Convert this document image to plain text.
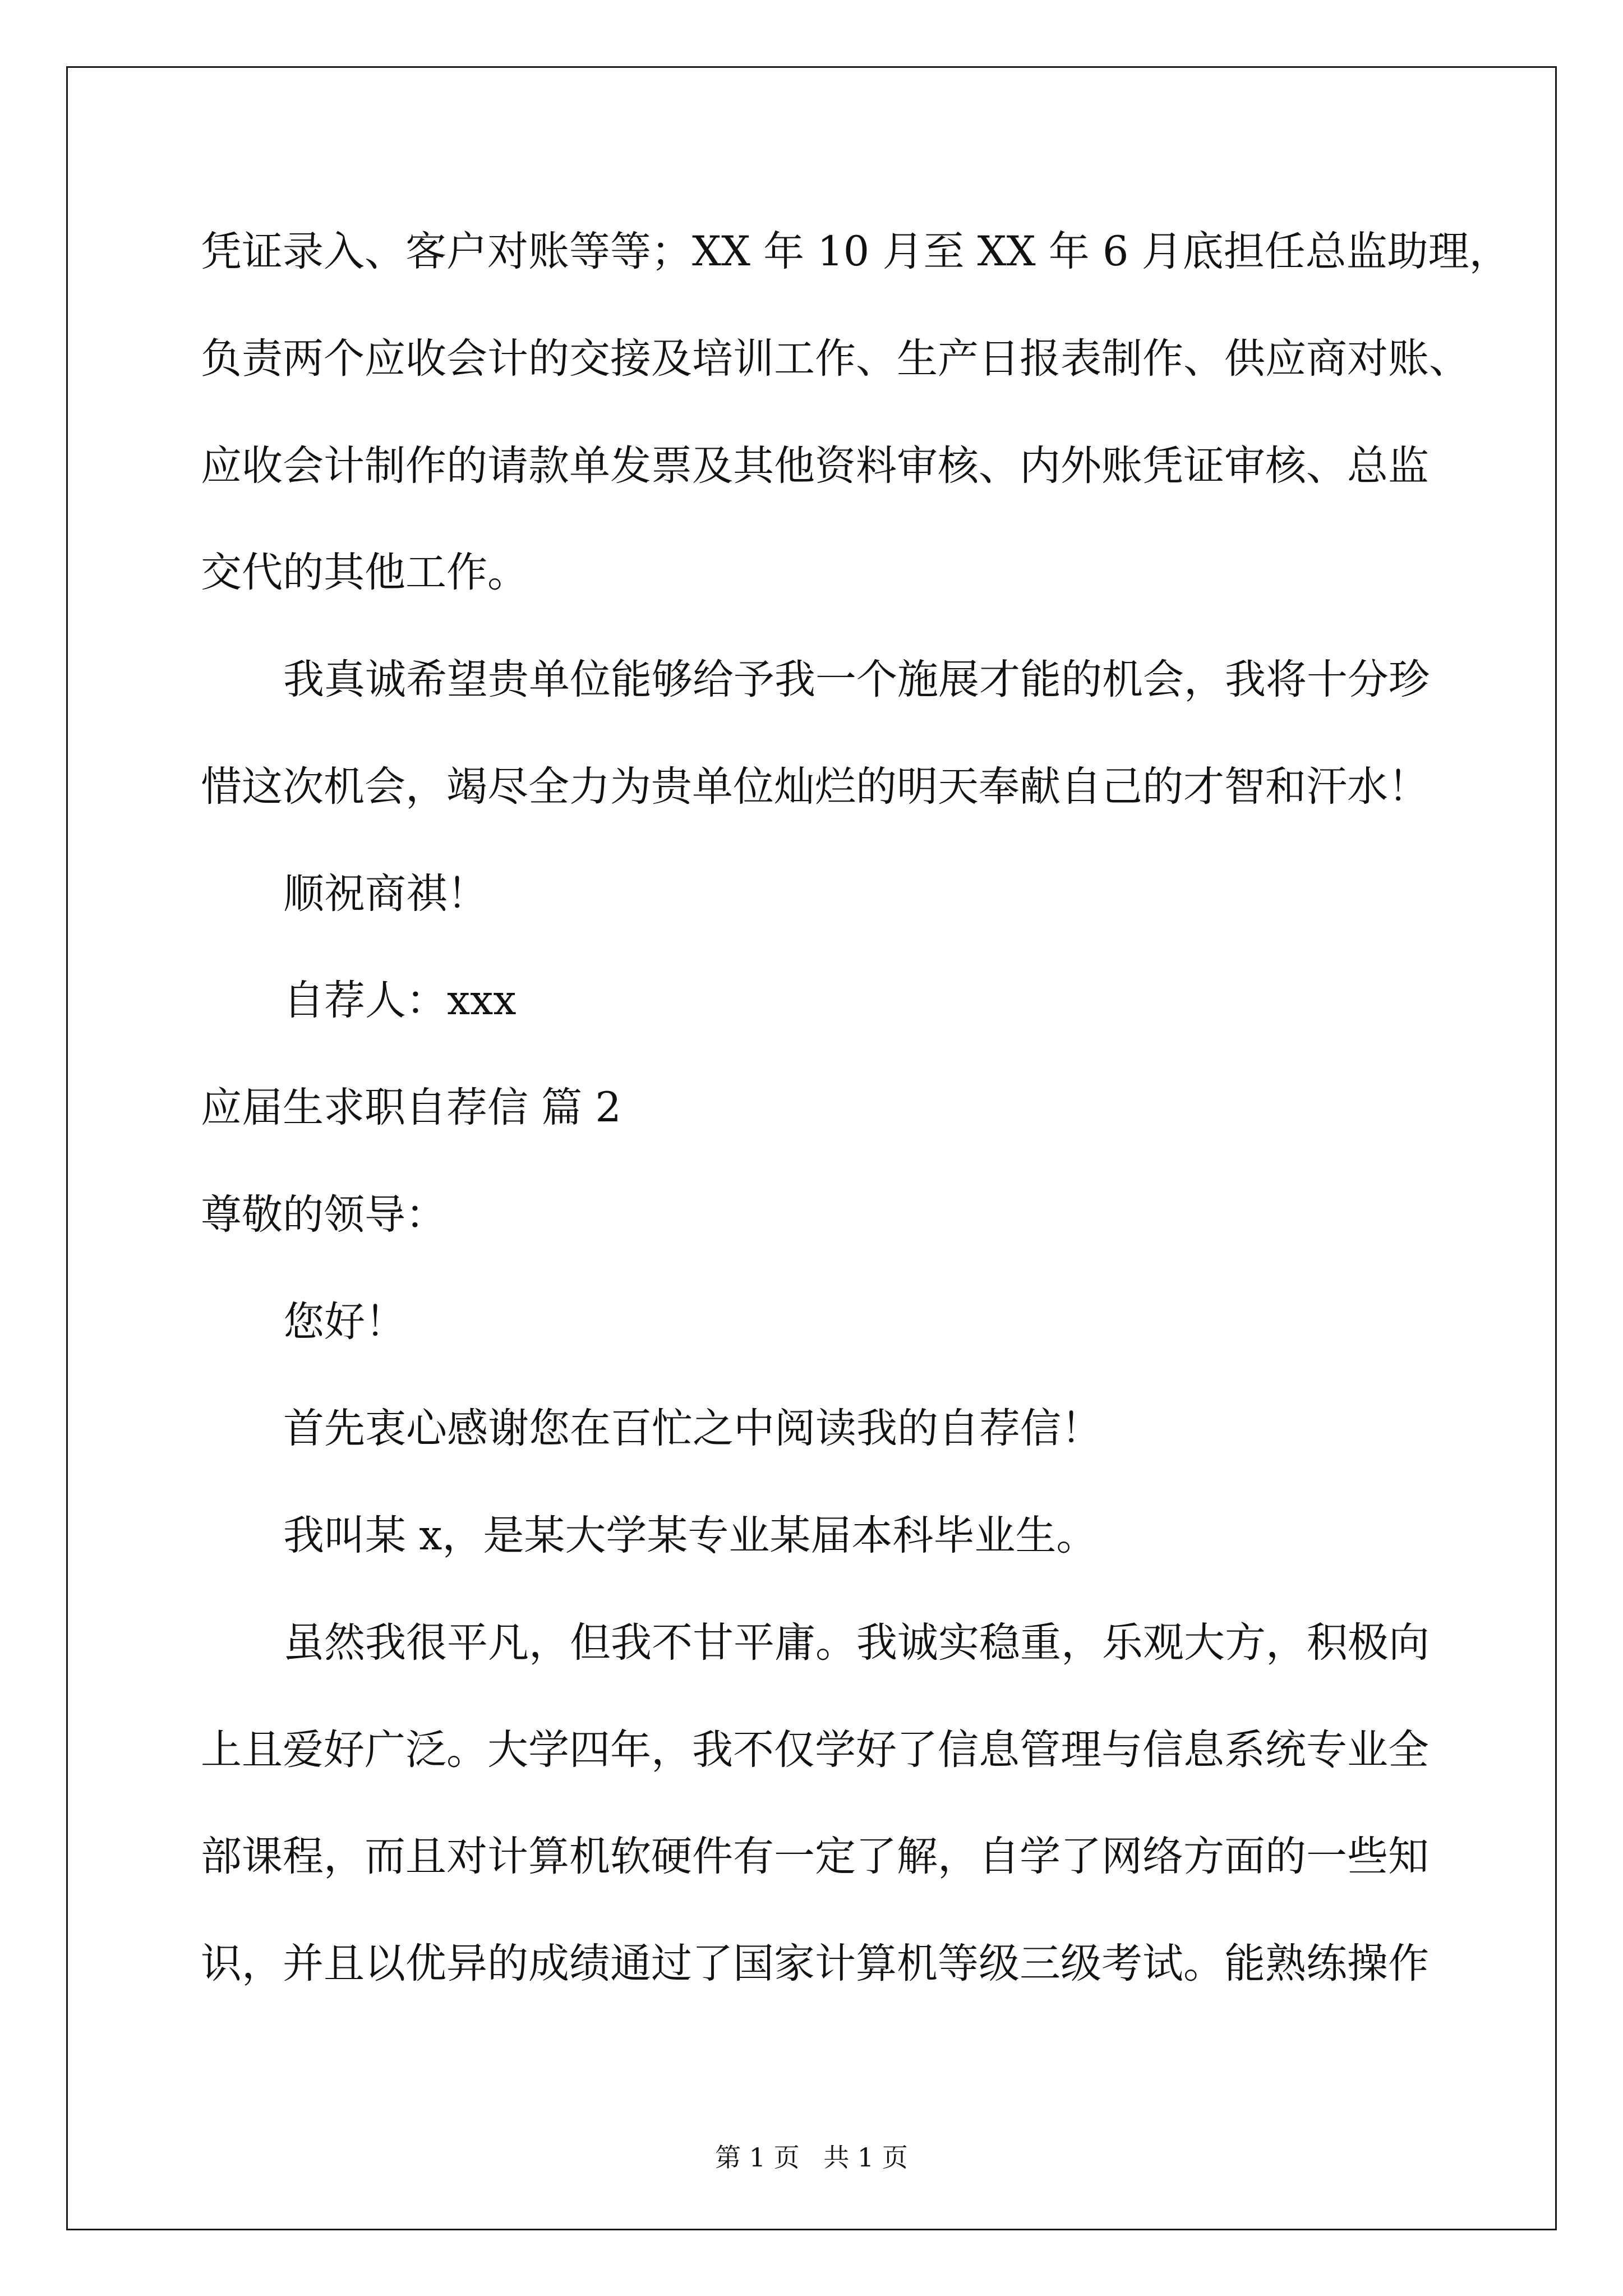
凭证录入、客户对账等等；XX 年 10 月至 XX 年 6 月底担任总监助理，
负责两个应收会计的交接及培训工作、生产日报表制作、供应商对账、
应收会计制作的请款单发票及其他资料审核、内外账凭证审核、总监
交代的其他工作。
我真诚希望贵单位能够给予我一个施展才能的机会，我将十分珍
惜这次机会，竭尽全力为贵单位灿烂的明天奉献自己的才智和汗水！
顺祝商祺！
自荐人：xxx
应届生求职自荐信 篇 2
尊敬的领导：
您好！
首先衷心感谢您在百忙之中阅读我的自荐信！
我叫某 x，是某大学某专业某届本科毕业生。
虽然我很平凡，但我不甘平庸。我诚实稳重，乐观大方，积极向
上且爱好广泛。大学四年，我不仅学好了信息管理与信息系统专业全
部课程，而且对计算机软硬件有一定了解，自学了网络方面的一些知
识，并且以优异的成绩通过了国家计算机等级三级考试。能熟练操作
第 1 页 共 1 页
